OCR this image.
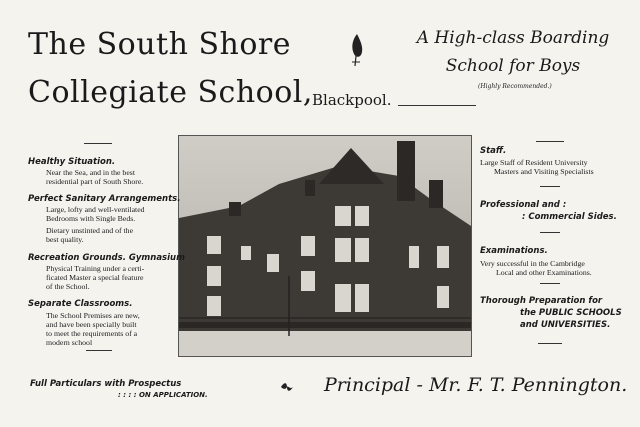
The South Shore
Collegiate School, Blackpool.
A High-class Boarding
School for Boys
(Highly Recommended.)
Healthy Situation.
Near the Sea, and in the best
residential part of South Shore.
Perfect Sanitary Arrangements.
Large, lofty and well-ventilated
Bedrooms with Single Beds.
Dietary unstinted and of the
best quality.
Recreation Grounds. Gymnasium
Physical Training under a certi-
ficated Master a special feature
of the School.
Separate Classrooms.
The School Premises are new,
and have been specially built
to meet the requirements of a
modern school
Staff.
Large Staff of Resident University
Masters and Visiting Specialists
Professional and :
: Commercial Sides.
Examinations.
Very successful in the Cambridge
Local and other Examinations.
Thorough Preparation for
the PUBLIC SCHOOLS
and UNIVERSITIES.
Full Particulars with Prospectus
: : : : ON APPLICATION.	Principal - Mr. F. T. Pennington.
